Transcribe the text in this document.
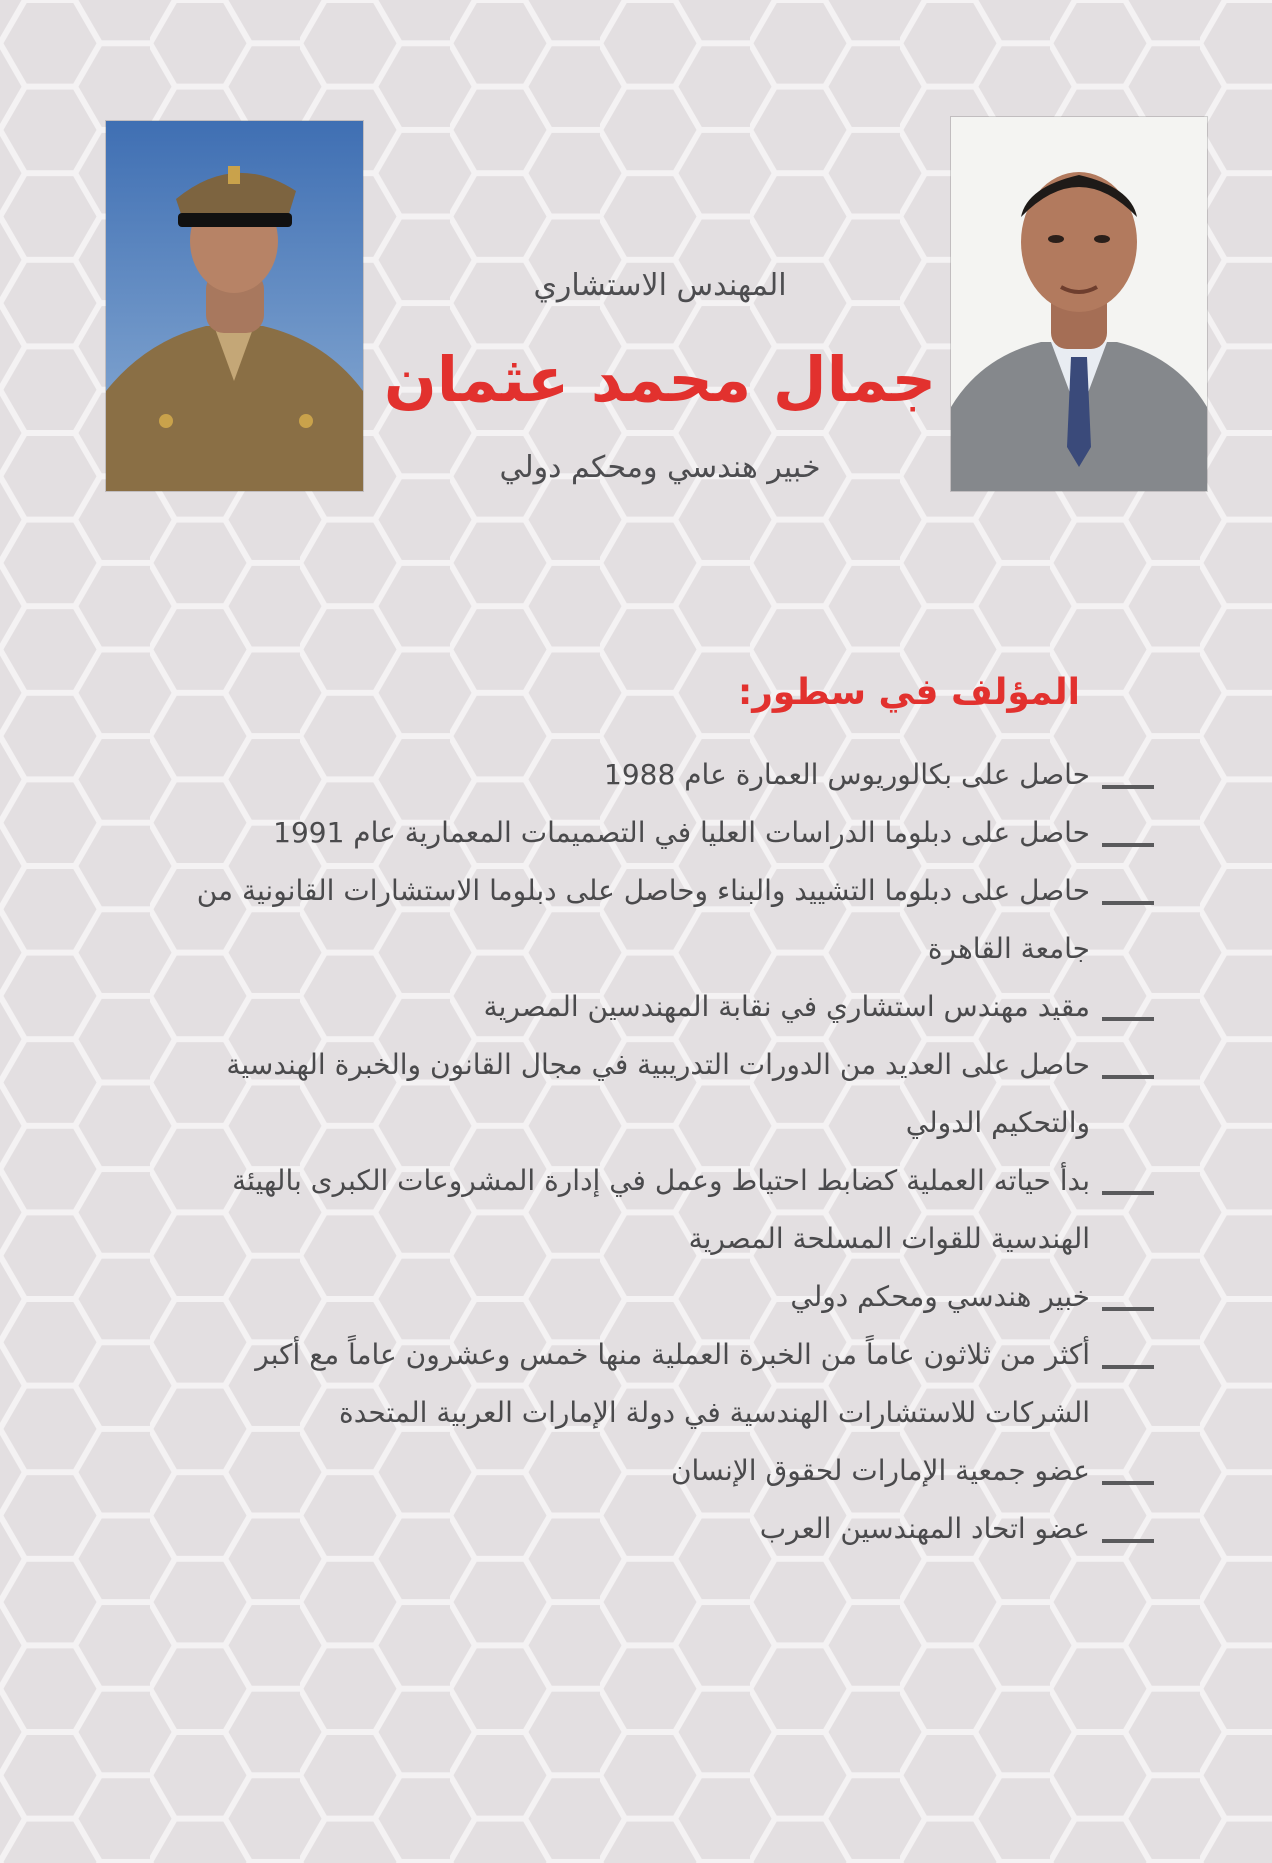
المهندس الاستشاري
جمال محمد عثمان
خبير هندسي ومحكم دولي
المؤلف في سطور:
حاصل على بكالوريوس العمارة عام 1988
حاصل على دبلوما الدراسات العليا في التصميمات المعمارية عام 1991
حاصل على دبلوما التشييد والبناء وحاصل على دبلوما الاستشارات القانونية من جامعة القاهرة
مقيد مهندس استشاري في نقابة المهندسين المصرية
حاصل على العديد من الدورات التدريبية في مجال القانون والخبرة الهندسية والتحكيم الدولي
بدأ حياته العملية كضابط احتياط وعمل في إدارة المشروعات الكبرى بالهيئة الهندسية للقوات المسلحة المصرية
خبير هندسي ومحكم دولي
أكثر من ثلاثون عاماً من الخبرة العملية منها خمس وعشرون عاماً مع أكبر الشركات للاستشارات الهندسية في دولة الإمارات العربية المتحدة
عضو جمعية الإمارات لحقوق الإنسان
عضو اتحاد المهندسين العرب
